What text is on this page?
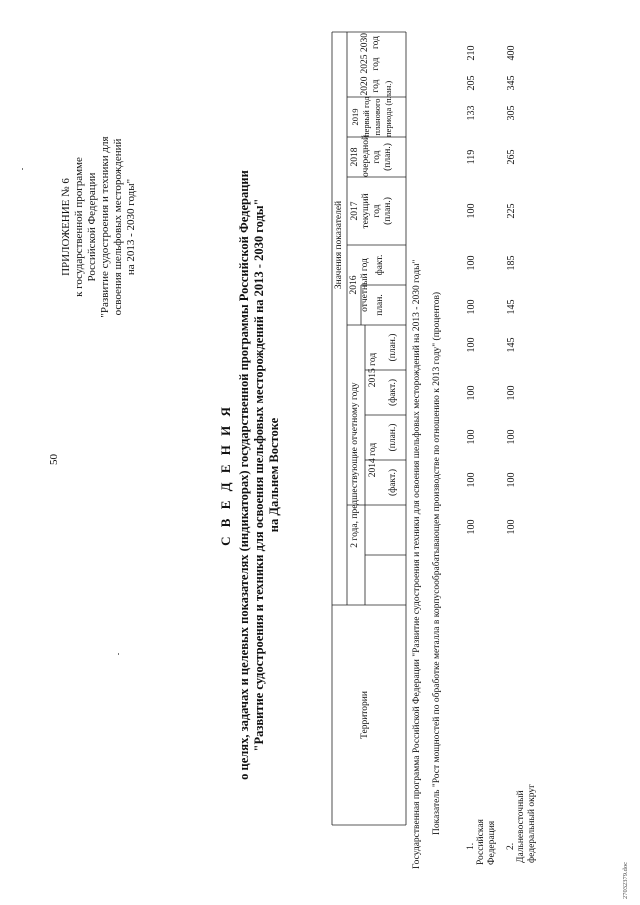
50
ПРИЛОЖЕНИЕ № 6 к государственной программе Российской Федерации "Развитие судостроения и техники для освоения шельфовых месторождений на 2013 - 2030 годы"
С В Е Д Е Н И Я о целях, задачах и целевых показателях (индикаторах) государственной программы Российской Федерации "Развитие судостроения и техники для освоения шельфовых месторождений на 2013 - 2030 годы" на Дальнем Востоке
Территории
Значения показателей
2 года, предшествующие отчетному году 2014 год
2015 год
(план.)
(факт.)
(план.)
(факт.)
2016 отчетный год план.
факт.
2017 текущий год (план.)
2018 очередной год (план.)
2019 первый год планового периода (план.)
2020 год
2025 год
2030 год
Государственная программа Российской Федерации "Развитие судостроения и техники для освоения шельфовых месторождений на 2013 - 2030 годы" Показатель "Рост мощностей по обработке металла в корпусообрабатывающем производстве по отношению к 2013 году" (процентов)
1. Российская Федерация 2. Дальневосточный федеральный округ
100
100
100
100
100
100
100
100
119
133
205
210
100
100
100
100
145
145
185
225
265
305
345
400
27032379.doc
